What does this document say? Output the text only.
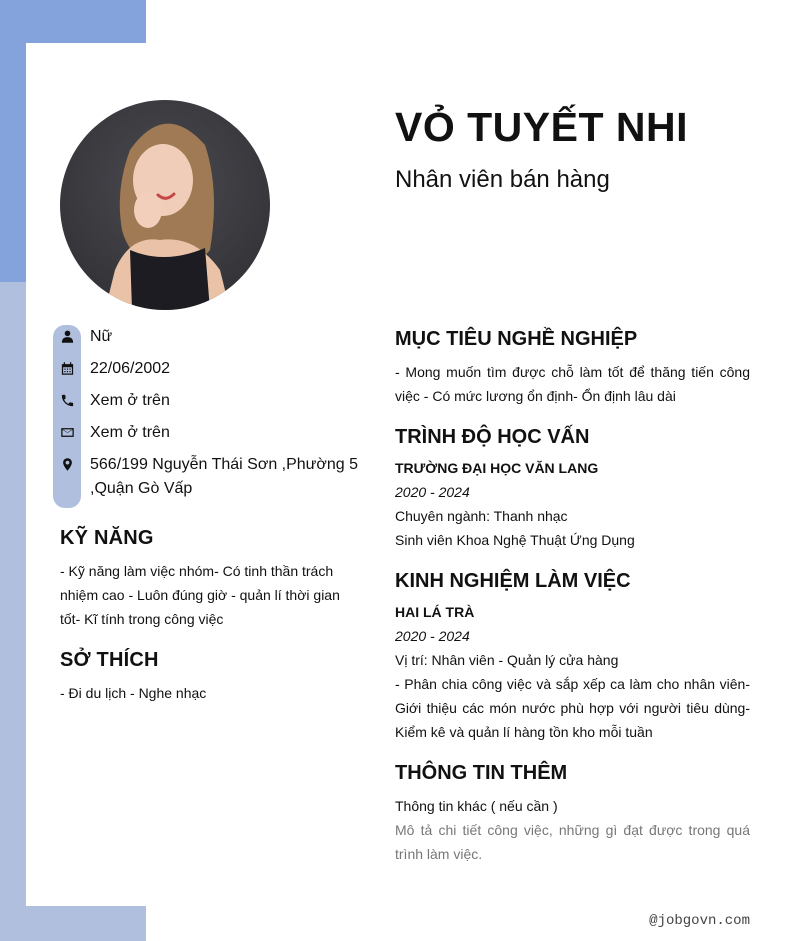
VỎ TUYẾT NHI
Nhân viên bán hàng
Nữ
22/06/2002
Xem ở trên
Xem ở trên
566/199 Nguyễn Thái Sơn ,Phường 5 ,Quận Gò Vấp
KỸ NĂNG
- Kỹ năng làm việc nhóm- Có tinh thần trách nhiệm cao - Luôn đúng giờ - quản lí thời gian tốt- Kĩ tính trong công việc
SỞ THÍCH
- Đi du lịch - Nghe nhạc
MỤC TIÊU NGHỀ NGHIỆP
- Mong muốn tìm được chỗ làm tốt để thăng tiến công việc - Có mức lương ổn định- Ổn định lâu dài
TRÌNH ĐỘ HỌC VẤN
TRƯỜNG ĐẠI HỌC VĂN LANG
2020 - 2024
Chuyên ngành: Thanh nhạc
Sinh viên Khoa Nghệ Thuật Ứng Dụng
KINH NGHIỆM LÀM VIỆC
HAI LÁ TRÀ
2020 - 2024
Vị trí: Nhân viên - Quản lý cửa hàng
- Phân chia công việc và sắp xếp ca làm cho nhân viên- Giới thiệu các món nước phù hợp với người tiêu dùng- Kiểm kê và quản lí hàng tồn kho mỗi tuần
THÔNG TIN THÊM
Thông tin khác ( nếu cần )
Mô tả chi tiết công việc, những gì đạt được trong quá trình làm việc.
@jobgovn.com
